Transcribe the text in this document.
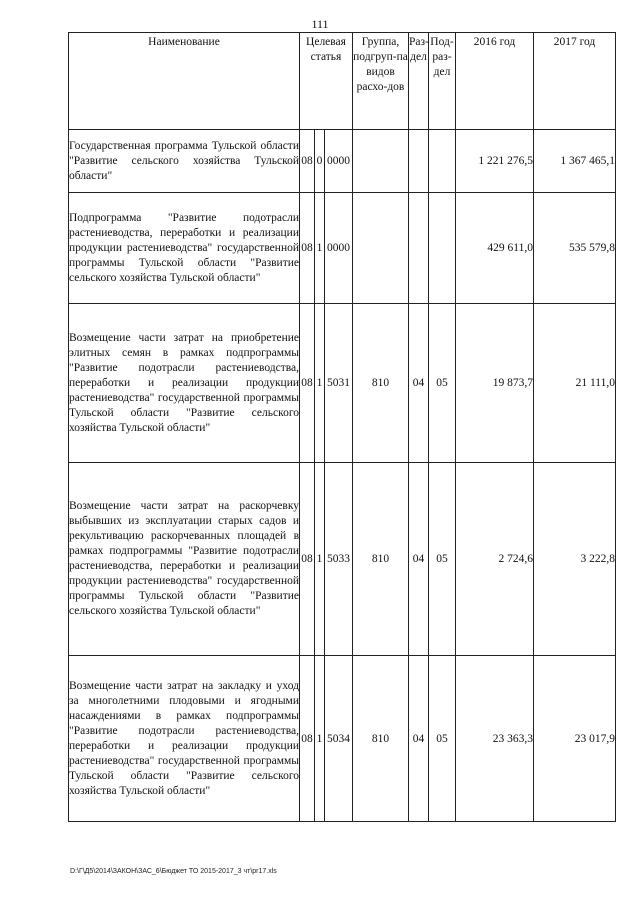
111
Наименование	Целевая статья			Группа, подгруп-па видов расхо-дов	Раз-дел	Под-раз-дел	2016 год	2017 год
Государственная программа Тульской области "Развитие сельского хозяйства Тульской области"	08	0	0000				1 221 276,5	1 367 465,1
Подпрограмма "Развитие подотрасли растениеводства, переработки и реализации продукции растениеводства" государственной программы Тульской области "Развитие сельского хозяйства Тульской области"	08	1	0000				429 611,0	535 579,8
Возмещение части затрат на приобретение элитных семян в рамках подпрограммы "Развитие подотрасли растениеводства, переработки и реализации продукции растениеводства" государственной программы Тульской области "Развитие сельского хозяйства Тульской области"	08	1	5031	810	04	05	19 873,7	21 111,0
Возмещение части затрат на раскорчевку выбывших из эксплуатации старых садов и рекультивацию раскорчеванных площадей в рамках подпрограммы "Развитие подотрасли растениеводства, переработки и реализации продукции растениеводства" государственной программы Тульской области "Развитие сельского хозяйства Тульской области"	08	1	5033	810	04	05	2 724,6	3 222,8
Возмещение части затрат на закладку и уход за многолетними плодовыми и ягодными насаждениями в рамках подпрограммы "Развитие подотрасли растениеводства, переработки и реализации продукции растениеводства" государственной программы Тульской области "Развитие сельского хозяйства Тульской области"	08	1	5034	810	04	05	23 363,3	23 017,9
D:\Г\Д5\2014\ЗАКОН\ЗАС_6\Бюджет ТО 2015-2017_3 чт\pr17.xls
